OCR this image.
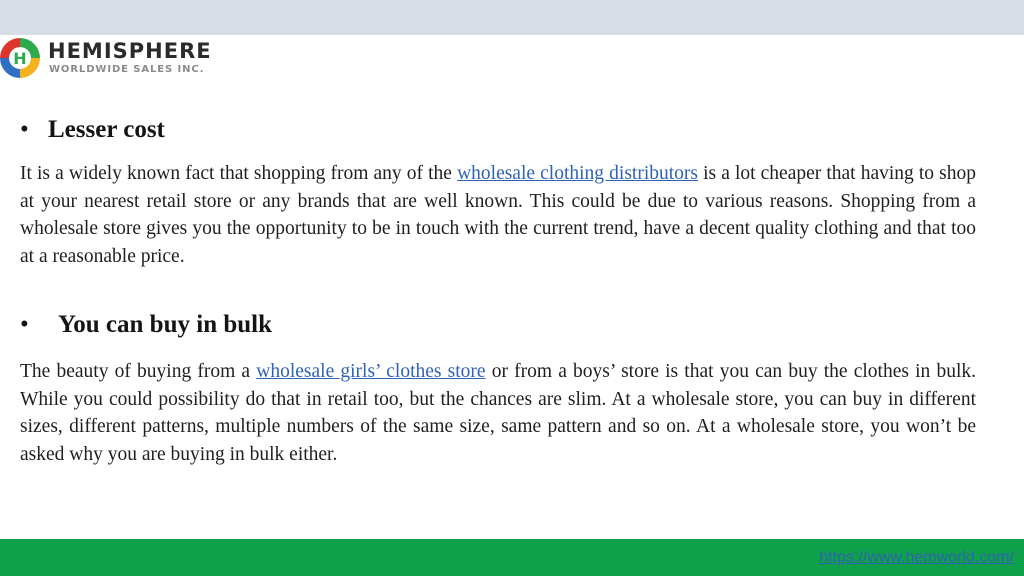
H HEMISPHERE
WORLDWIDE SALES INC.
• Lesser cost
It is a widely known fact that shopping from any of the wholesale clothing distributors is a lot cheaper that having to shop at your nearest retail store or any brands that are well known. This could be due to various reasons. Shopping from a wholesale store gives you the opportunity to be in touch with the current trend, have a decent quality clothing and that too at a reasonable price.
• You can buy in bulk
The beauty of buying from a wholesale girls’ clothes store or from a boys’ store is that you can buy the clothes in bulk. While you could possibility do that in retail too, but the chances are slim. At a wholesale store, you can buy in different sizes, different patterns, multiple numbers of the same size, same pattern and so on. At a wholesale store, you won’t be asked why you are buying in bulk either.
https://www.hemworld.com/
